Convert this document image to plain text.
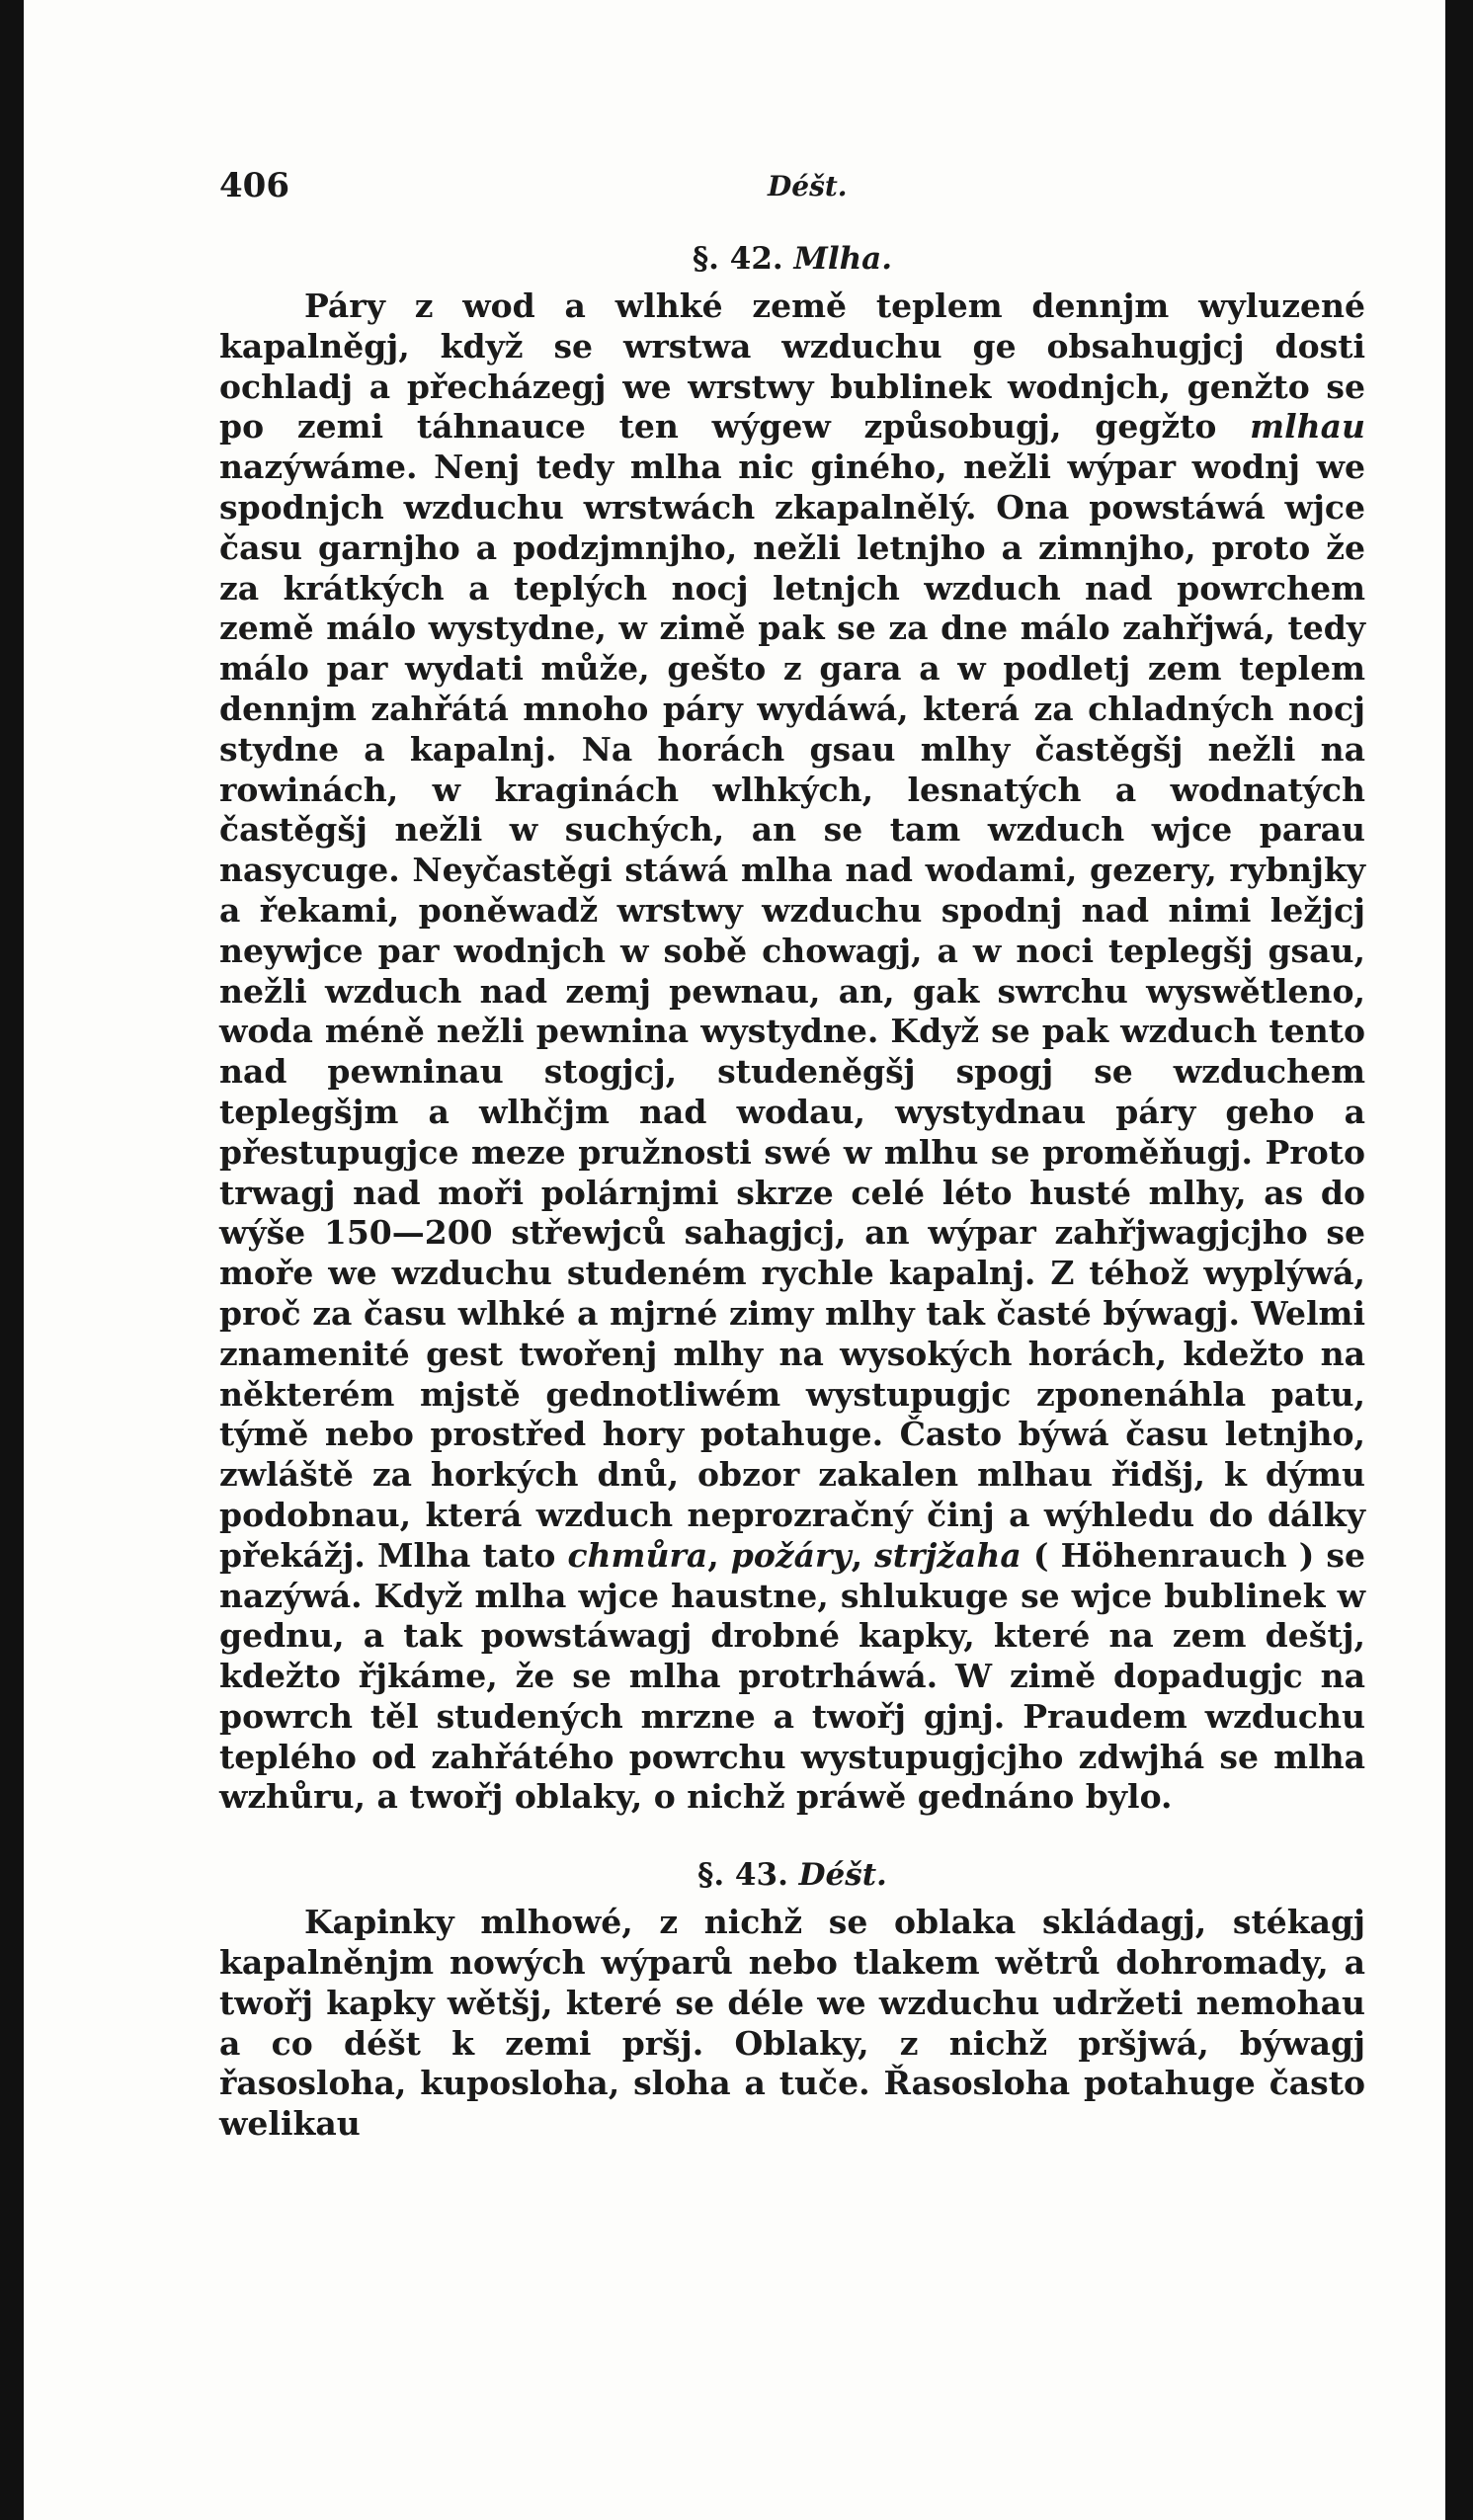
406	Déšt.
§. 42. Mlha.

Páry z wod a wlhké země teplem dennjm wyluzené kapalněgj, když se wrstwa wzduchu ge obsahugjcj dosti ochladj a přecházegj we wrstwy bublinek wodnjch, genžto se po zemi táhnauce ten wýgew způsobugj, gegžto mlhau nazýwáme. Nenj tedy mlha nic giného, nežli wýpar wodnj we spodnjch wzduchu wrstwách zkapalnělý. Ona powstáwá wjce času garnjho a podzjmnjho, nežli letnjho a zimnjho, proto že za krátkých a teplých nocj letnjch wzduch nad powrchem země málo wystydne, w zimě pak se za dne málo zahřjwá, tedy málo par wydati může, gešto z gara a w podletj zem teplem dennjm zahřátá mnoho páry wydáwá, která za chladných nocj stydne a kapalnj. Na horách gsau mlhy častěgšj nežli na rowinách, w kraginách wlhkých, lesnatých a wodnatých častěgšj nežli w suchých, an se tam wzduch wjce parau nasycuge. Neyčastěgi stáwá mlha nad wodami, gezery, rybnjky a řekami, poněwadž wrstwy wzduchu spodnj nad nimi ležjcj neywjce par wodnjch w sobě chowagj, a w noci teplegšj gsau, nežli wzduch nad zemj pewnau, an, gak swrchu wyswětleno, woda méně nežli pewnina wystydne. Když se pak wzduch tento nad pewninau stogjcj, studeněgšj spogj se wzduchem teplegšjm a wlhčjm nad wodau, wystydnau páry geho a přestupugjce meze pružnosti swé w mlhu se proměňugj. Proto trwagj nad moři polárnjmi skrze celé léto husté mlhy, as do wýše 150—200 střewjců sahagjcj, an wýpar zahřjwagjcjho se moře we wzduchu studeném rychle kapalnj. Z téhož wyplýwá, proč za času wlhké a mjrné zimy mlhy tak časté býwagj. Welmi znamenité gest twořenj mlhy na wysokých horách, kdežto na některém mjstě gednotliwém wystupugjc zponenáhla patu, týmě nebo prostřed hory potahuge. Často býwá času letnjho, zwláště za horkých dnů, obzor zakalen mlhau řidšj, k dýmu podobnau, která wzduch neprozračný činj a wýhledu do dálky překážj. Mlha tato chmůra, požáry, strjžaha ( Höhenrauch ) se nazýwá. Když mlha wjce haustne, shlukuge se wjce bublinek w gednu, a tak powstáwagj drobné kapky, které na zem deštj, kdežto řjkáme, že se mlha protrháwá. W zimě dopadugjc na powrch těl studených mrzne a twořj gjnj. Praudem wzduchu teplého od zahřátého powrchu wystupugjcjho zdwjhá se mlha wzhůru, a twořj oblaky, o nichž práwě gednáno bylo.

§. 43. Déšt.

Kapinky mlhowé, z nichž se oblaka skládagj, stékagj kapalněnjm nowých wýparů nebo tlakem wětrů dohromady, a twořj kapky wětšj, které se déle we wzduchu udržeti nemohau a co déšt k zemi pršj. Oblaky, z nichž pršjwá, býwagj řasosloha, kuposloha, sloha a tuče. Řasosloha potahuge často welikau
